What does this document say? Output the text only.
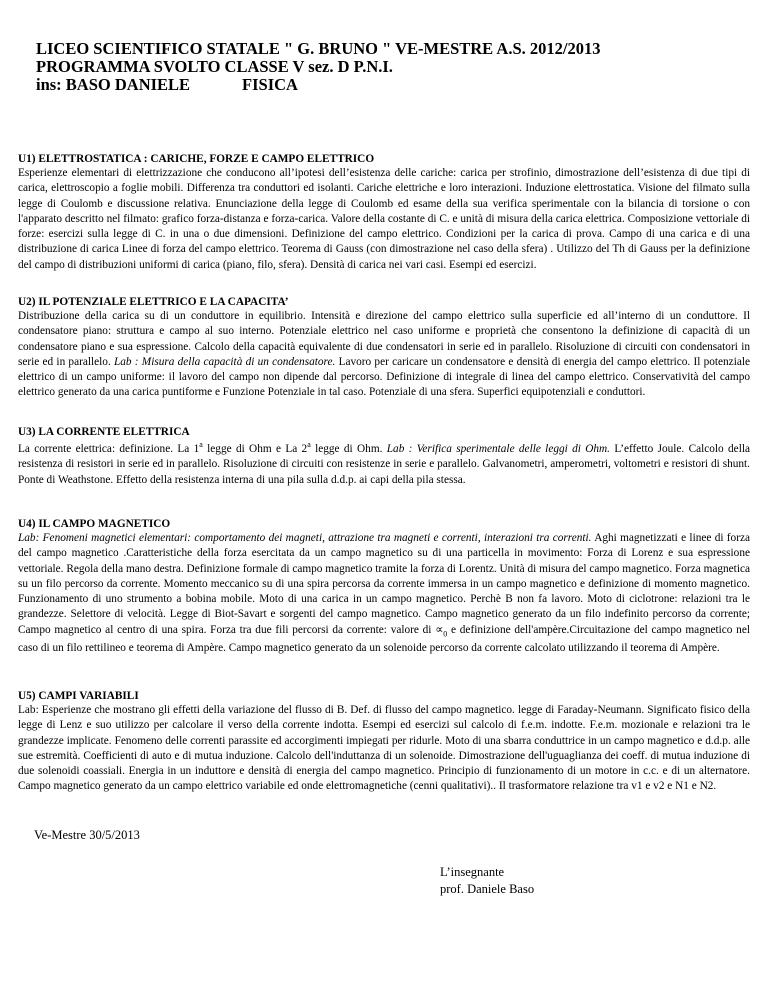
LICEO SCIENTIFICO STATALE " G. BRUNO " VE-MESTRE A.S. 2012/2013
PROGRAMMA SVOLTO CLASSE V sez. D P.N.I.
ins: BASO DANIELE	FISICA
U1) ELETTROSTATICA : CARICHE, FORZE E CAMPO ELETTRICO

Esperienze elementari di elettrizzazione che conducono all’ipotesi dell’esistenza delle cariche: carica per strofinio, dimostrazione dell’esistenza di due tipi di carica, elettroscopio a foglie mobili. Differenza tra conduttori ed isolanti. Cariche elettriche e loro interazioni. Induzione elettrostatica. Visione del filmato sulla legge di Coulomb e discussione relativa. Enunciazione della legge di Coulomb ed esame della sua verifica sperimentale con la bilancia di torsione o con l'apparato descritto nel filmato: grafico forza-distanza e forza-carica. Valore della costante di C. e unità di misura della carica elettrica. Composizione vettoriale di forze: esercizi sulla legge di C. in una o due dimensioni. Definizione del campo elettrico. Condizioni per la carica di prova. Campo di una carica e di una distribuzione di carica Linee di forza del campo elettrico. Teorema di Gauss (con dimostrazione nel caso della sfera) . Utilizzo del Th di Gauss per la definizione del campo di distribuzioni uniformi di carica (piano, filo, sfera). Densità di carica nei vari casi. Esempi ed esercizi.

U2) IL POTENZIALE ELETTRICO E LA CAPACITA’

Distribuzione della carica su di un conduttore in equilibrio. Intensità e direzione del campo elettrico sulla superficie ed all’interno di un conduttore. Il condensatore piano: struttura e campo al suo interno. Potenziale elettrico nel caso uniforme e proprietà che consentono la definizione di capacità di un condensatore piano e sua espressione. Calcolo della capacità equivalente di due condensatori in serie ed in parallelo. Risoluzione di circuiti con condensatori in serie ed in parallelo. Lab : Misura della capacità di un condensatore. Lavoro per caricare un condensatore e densità di energia del campo elettrico. Il potenziale elettrico di un campo uniforme: il lavoro del campo non dipende dal percorso. Definizione di integrale di linea del campo elettrico. Conservatività del campo elettrico generato da una carica puntiforme e Funzione Potenziale in tal caso. Potenziale di una sfera. Superfici equipotenziali e conduttori.

U3) LA CORRENTE ELETTRICA

La corrente elettrica: definizione. La 1$^a$ legge di Ohm e La 2$^a$ legge di Ohm. Lab : Verifica sperimentale delle leggi di Ohm. L’effetto Joule. Calcolo della resistenza di resistori in serie ed in parallelo. Risoluzione di circuiti con resistenze in serie e parallelo. Galvanometri, amperometri, voltometri e resistori di shunt. Ponte di Weathstone. Effetto della resistenza interna di una pila sulla d.d.p. ai capi della pila stessa.

U4) IL CAMPO MAGNETICO

Lab: Fenomeni magnetici elementari: comportamento dei magneti, attrazione tra magneti e correnti, interazioni tra correnti. Aghi magnetizzati e linee di forza del campo magnetico .Caratteristiche della forza esercitata da un campo magnetico su di una particella in movimento: Forza di Lorenz e sua espressione vettoriale. Regola della mano destra. Definizione formale di campo magnetico tramite la forza di Lorentz. Unità di misura del campo magnetico. Forza magnetica su un filo percorso da corrente. Momento meccanico su di una spira percorsa da corrente immersa in un campo magnetico e definizione di momento magnetico. Funzionamento di uno strumento a bobina mobile. Moto di una carica in un campo magnetico. Perchè B non fa lavoro. Moto di ciclotrone: relazioni tra le grandezze. Selettore di velocità. Legge di Biot-Savart e sorgenti del campo magnetico. Campo magnetico generato da un filo indefinito percorso da corrente; Campo magnetico al centro di una spira. Forza tra due fili percorsi da corrente: valore di $\propto_0$ e definizione dell'ampère.Circuitazione del campo magnetico nel caso di un filo rettilineo e teorema di Ampère. Campo magnetico generato da un solenoide percorso da corrente calcolato utilizzando il teorema di Ampère.

U5) CAMPI VARIABILI

Lab: Esperienze che mostrano gli effetti della variazione del flusso di B. Def. di flusso del campo magnetico. legge di Faraday-Neumann. Significato fisico della legge di Lenz e suo utilizzo per calcolare il verso della corrente indotta. Esempi ed esercizi sul calcolo di f.e.m. indotte. F.e.m. mozionale e relazioni tra le grandezze implicate. Fenomeno delle correnti parassite ed accorgimenti impiegati per ridurle. Moto di una sbarra conduttrice in un campo magnetico e d.d.p. alle sue estremità. Coefficienti di auto e di mutua induzione. Calcolo dell'induttanza di un solenoide. Dimostrazione dell'uguaglianza dei coeff. di mutua induzione di due solenoidi coassiali. Energia in un induttore e densità di energia del campo magnetico. Principio di funzionamento di un motore in c.c. e di un alternatore. Campo magnetico generato da un campo elettrico variabile ed onde elettromagnetiche (cenni qualitativi).. Il trasformatore relazione tra v1 e v2 e N1 e N2.

Ve-Mestre 30/5/2013
L’insegnante
prof. Daniele Baso
